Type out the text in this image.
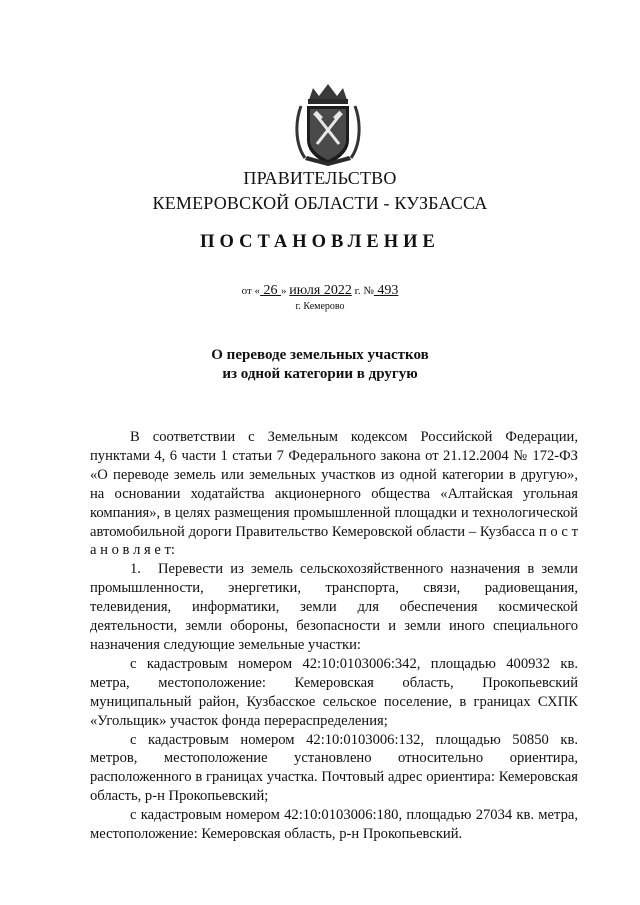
ПРАВИТЕЛЬСТВО
КЕМЕРОВСКОЙ ОБЛАСТИ - КУЗБАССА
ПОСТАНОВЛЕНИЕ
от « 26 » июля 2022 г. № 493
г. Кемерово
О переводе земельных участков
из одной категории в другую

В соответствии с Земельным кодексом Российской Федерации, пунктами 4, 6 части 1 статьи 7 Федерального закона от 21.12.2004 № 172-ФЗ «О переводе земель или земельных участков из одной категории в другую», на основании ходатайства акционерного общества «Алтайская угольная компания», в целях размещения промышленной площадки и технологической автомобильной дороги Правительство Кемеровской области – Кузбасса п о с т а н о в л я е т:

1. Перевести из земель сельскохозяйственного назначения в земли промышленности, энергетики, транспорта, связи, радиовещания, телевидения, информатики, земли для обеспечения космической деятельности, земли обороны, безопасности и земли иного специального назначения следующие земельные участки:

с кадастровым номером 42:10:0103006:342, площадью 400932 кв. метра, местоположение: Кемеровская область, Прокопьевский муниципальный район, Кузбасское сельское поселение, в границах СХПК «Угольщик» участок фонда перераспределения;

с кадастровым номером 42:10:0103006:132, площадью 50850 кв. метров, местоположение установлено относительно ориентира, расположенного в границах участка. Почтовый адрес ориентира: Кемеровская область, р-н Прокопьевский;

с кадастровым номером 42:10:0103006:180, площадью 27034 кв. метра, местоположение: Кемеровская область, р-н Прокопьевский.
